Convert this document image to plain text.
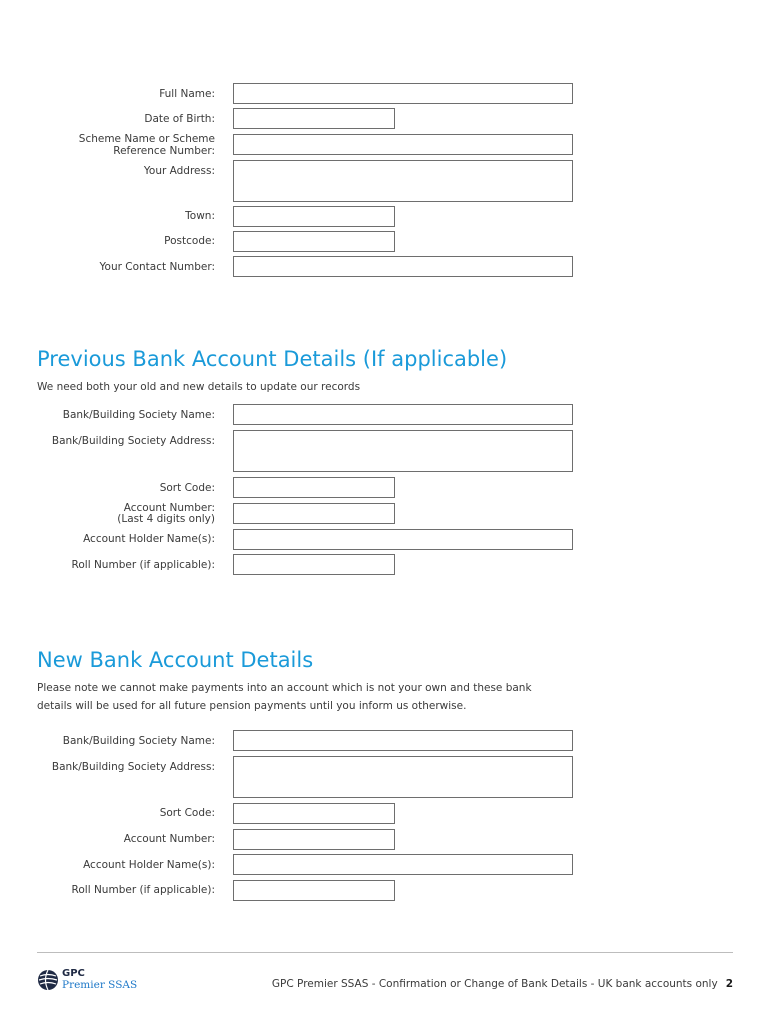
Full Name:
Date of Birth:
Scheme Name or Scheme
Reference Number:
Your Address:
Town:
Postcode:
Your Contact Number:
Previous Bank Account Details (If applicable)
We need both your old and new details to update our records
Bank/Building Society Name:
Bank/Building Society Address:
Sort Code:
Account Number:
(Last 4 digits only)
Account Holder Name(s):
Roll Number (if applicable):
New Bank Account Details
Please note we cannot make payments into an account which is not your own and these bank
details will be used for all future pension payments until you inform us otherwise.
Bank/Building Society Name:
Bank/Building Society Address:
Sort Code:
Account Number:
Account Holder Name(s):
Roll Number (if applicable):
GPC
Premier SSAS	GPC Premier SSAS - Confirmation or Change of Bank Details - UK bank accounts only 2
